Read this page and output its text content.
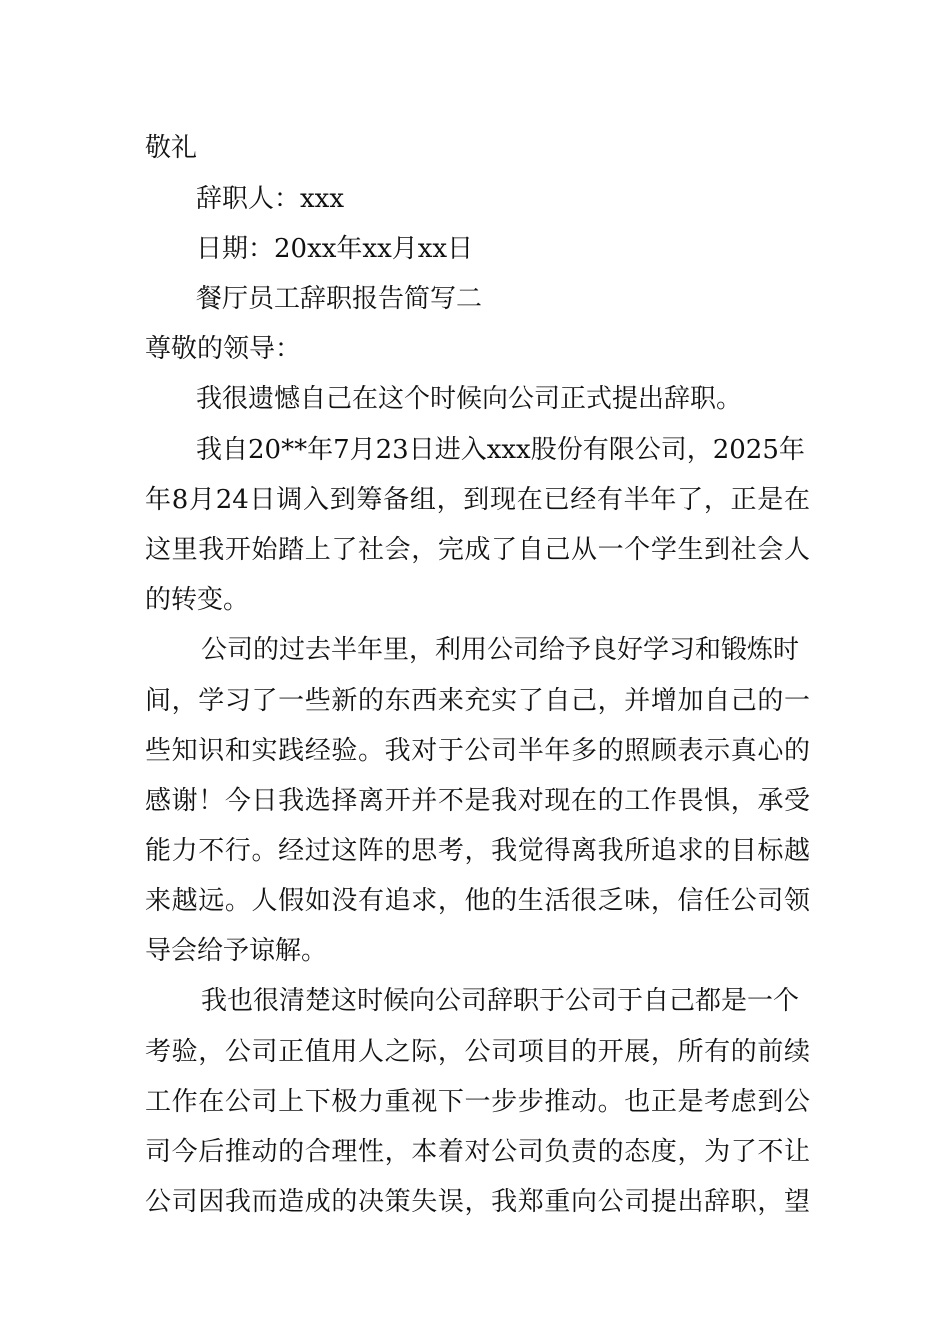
敬礼
辞职人：xxx
日期：20xx年xx月xx日
餐厅员工辞职报告简写二
尊敬的领导：
我很遗憾自己在这个时候向公司正式提出辞职。
我自20**年7月23日进入xxx股份有限公司，2025年
年8月24日调入到筹备组，到现在已经有半年了，正是在
这里我开始踏上了社会，完成了自己从一个学生到社会人
的转变。
公司的过去半年里，利用公司给予良好学习和锻炼时
间，学习了一些新的东西来充实了自己，并增加自己的一
些知识和实践经验。我对于公司半年多的照顾表示真心的
感谢！今日我选择离开并不是我对现在的工作畏惧，承受
能力不行。经过这阵的思考，我觉得离我所追求的目标越
来越远。人假如没有追求，他的生活很乏味，信任公司领
导会给予谅解。
我也很清楚这时候向公司辞职于公司于自己都是一个
考验，公司正值用人之际，公司项目的开展，所有的前续
工作在公司上下极力重视下一步步推动。也正是考虑到公
司今后推动的合理性，本着对公司负责的态度，为了不让
公司因我而造成的决策失误，我郑重向公司提出辞职，望
